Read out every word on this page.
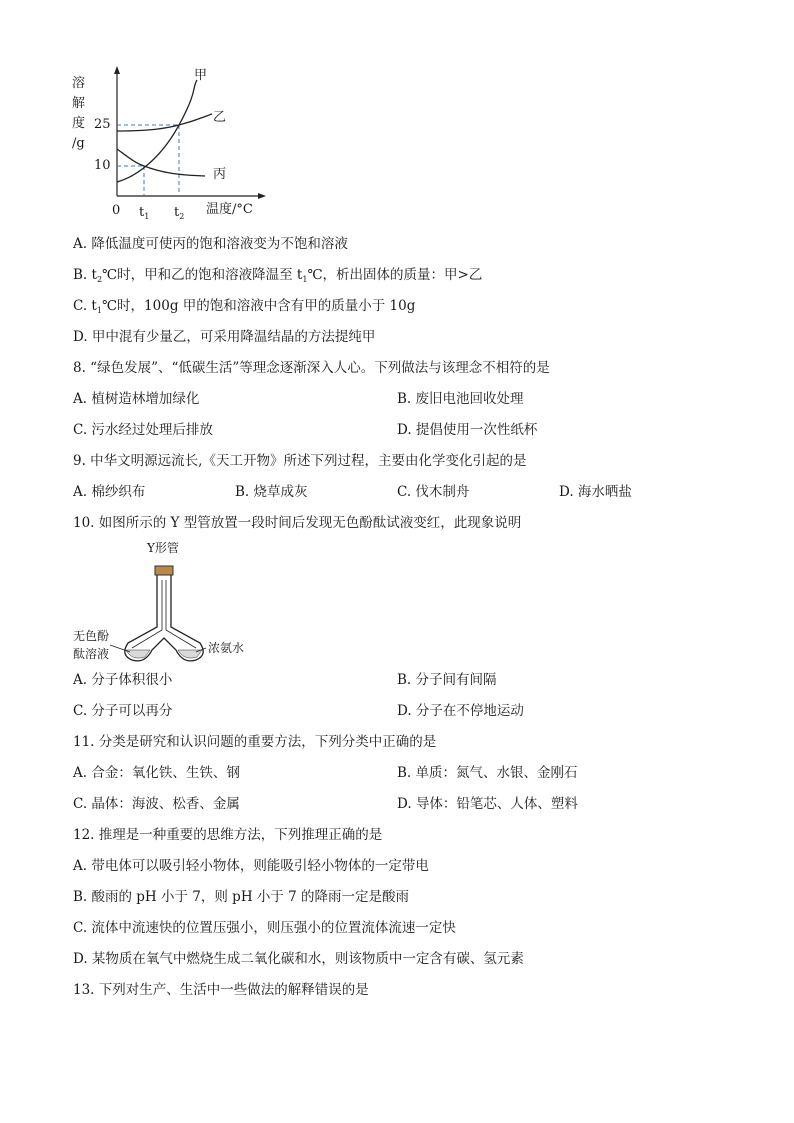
溶
解
度
/g
25
10
0 $t_1$ $t_2$ 温度/°C
甲
乙
丙
A. 降低温度可使丙的饱和溶液变为不饱和溶液
B. $t_2℃$时，甲和乙的饱和溶液降温至 $t_1℃$，析出固体的质量：甲>乙
C. $t_1℃$时，100g 甲的饱和溶液中含有甲的质量小于 10g
D. 甲中混有少量乙，可采用降温结晶的方法提纯甲
8. “绿色发展”、“低碳生活”等理念逐渐深入人心。下列做法与该理念不相符的是
A. 植树造林增加绿化	B. 废旧电池回收处理
C. 污水经过处理后排放	D. 提倡使用一次性纸杯
9. 中华文明源远流长,《天工开物》所述下列过程，主要由化学变化引起的是
A. 棉纱织布	B. 烧草成灰	C. 伐木制舟	D. 海水晒盐
10. 如图所示的 Y 型管放置一段时间后发现无色酚酞试液变红，此现象说明
Y形管
无色酚
酞溶液	浓氨水
A. 分子体积很小	B. 分子间有间隔
C. 分子可以再分	D. 分子在不停地运动
11. 分类是研究和认识问题的重要方法，下列分类中正确的是
A. 合金：氧化铁、生铁、钢	B. 单质：氮气、水银、金刚石
C. 晶体：海波、松香、金属	D. 导体：铅笔芯、人体、塑料
12. 推理是一种重要的思维方法，下列推理正确的是
A. 带电体可以吸引轻小物体，则能吸引轻小物体的一定带电
B. 酸雨的 pH 小于 7，则 pH 小于 7 的降雨一定是酸雨
C. 流体中流速快的位置压强小，则压强小的位置流体流速一定快
D. 某物质在氧气中燃烧生成二氧化碳和水，则该物质中一定含有碳、氢元素
13. 下列对生产、生活中一些做法的解释错误的是
